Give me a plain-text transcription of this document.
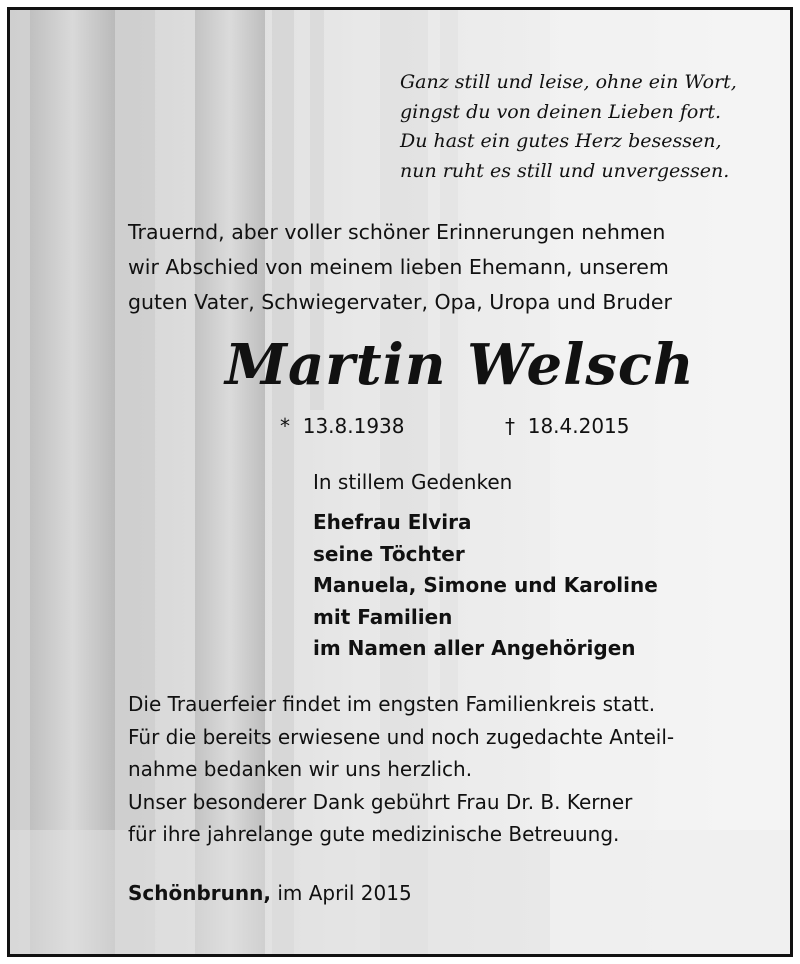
Ganz still und leise, ohne ein Wort,
gingst du von deinen Lieben fort.
Du hast ein gutes Herz besessen,
nun ruht es still und unvergessen.
Trauernd, aber voller schöner Erinnerungen nehmen
wir Abschied von meinem lieben Ehemann, unserem
guten Vater, Schwiegervater, Opa, Uropa und Bruder
Martin Welsch
* 13.8.1938	† 18.4.2015
In stillem Gedenken
Ehefrau Elvira
seine Töchter
Manuela, Simone und Karoline
mit Familien
im Namen aller Angehörigen
Die Trauerfeier findet im engsten Familienkreis statt.
Für die bereits erwiesene und noch zugedachte Anteil-
nahme bedanken wir uns herzlich.
Unser besonderer Dank gebührt Frau Dr. B. Kerner
für ihre jahrelange gute medizinische Betreuung.
Schönbrunn, im April 2015
